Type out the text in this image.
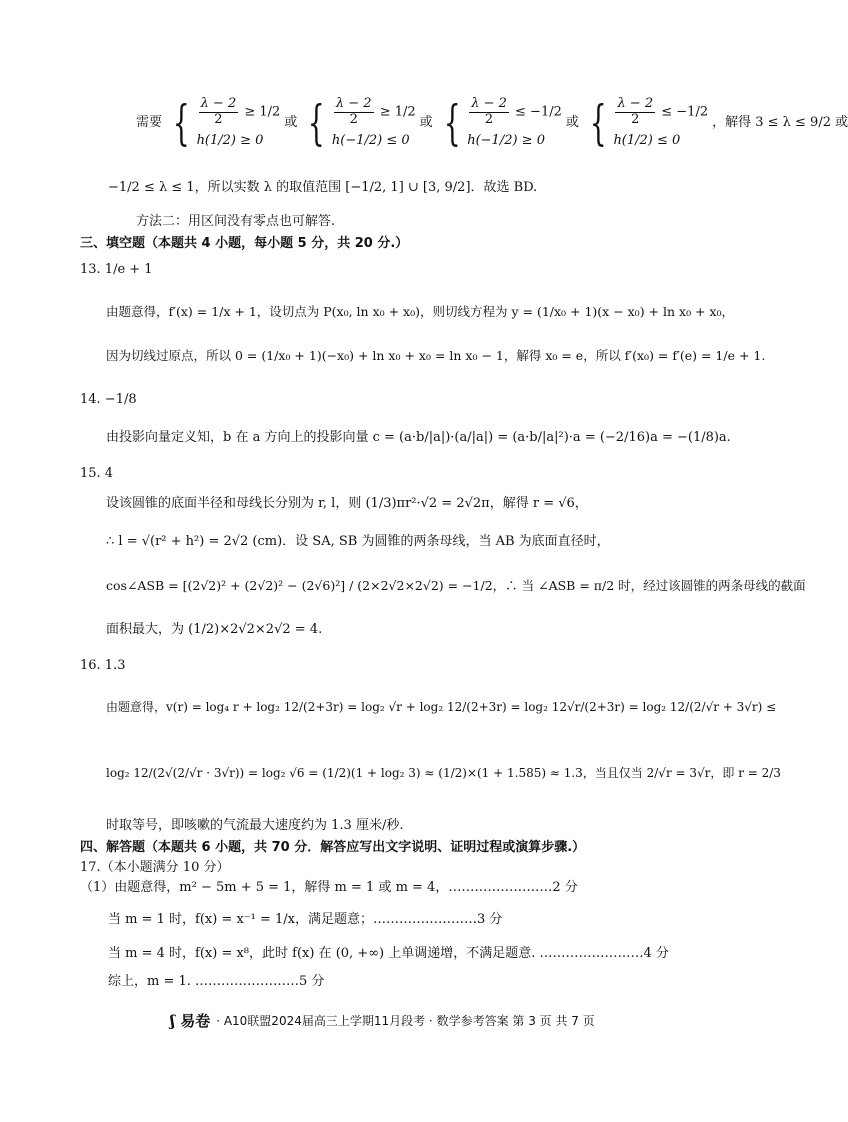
需要 { $\frac{\lambda - 2}{2} \ge 1/2$
h(1/2) ≥ 0
或 { $\frac{\lambda - 2}{2} \ge 1/2$
h(−1/2) ≤ 0
或 { $\frac{\lambda - 2}{2} \le -1/2$
h(−1/2) ≥ 0
或 { $\frac{\lambda - 2}{2} \le -1/2$
h(1/2) ≤ 0
，解得 3 ≤ λ ≤ 9/2 或
−1/2 ≤ λ ≤ 1，所以实数 λ 的取值范围 [−1/2, 1] ∪ [3, 9/2]．故选 BD.
方法二：用区间没有零点也可解答.
三、填空题（本题共 4 小题，每小题 5 分，共 20 分.）
13. 1/e + 1
由题意得，f′(x) = 1/x + 1，设切点为 P(x₀, ln x₀ + x₀)，则切线方程为 y = (1/x₀ + 1)(x − x₀) + ln x₀ + x₀，
因为切线过原点，所以 0 = (1/x₀ + 1)(−x₀) + ln x₀ + x₀ = ln x₀ − 1，解得 x₀ = e，所以 f′(x₀) = f′(e) = 1/e + 1.
14. −1/8
由投影向量定义知，b 在 a 方向上的投影向量 c = (a·b/|a|)·(a/|a|) = (a·b/|a|²)·a = (−2/16)a = −(1/8)a.
15. 4
设该圆锥的底面半径和母线长分别为 r, l，则 (1/3)πr²·√2 = 2√2π，解得 r = √6，
∴ l = √(r² + h²) = 2√2 (cm)．设 SA, SB 为圆锥的两条母线，当 AB 为底面直径时，
cos∠ASB = [(2√2)² + (2√2)² − (2√6)²] / (2×2√2×2√2) = −1/2，∴ 当 ∠ASB = π/2 时，经过该圆锥的两条母线的截面
面积最大，为 (1/2)×2√2×2√2 = 4.
16. 1.3
由题意得，v(r) = log₄ r + log₂ 12/(2+3r) = log₂ √r + log₂ 12/(2+3r) = log₂ 12√r/(2+3r) = log₂ 12/(2/√r + 3√r) ≤
log₂ 12/(2√(2/√r · 3√r)) = log₂ √6 = (1/2)(1 + log₂ 3) ≈ (1/2)×(1 + 1.585) ≈ 1.3，当且仅当 2/√r = 3√r，即 r = 2/3
时取等号，即咳嗽的气流最大速度约为 1.3 厘米/秒.
四、解答题（本题共 6 小题，共 70 分．解答应写出文字说明、证明过程或演算步骤.）
17.（本小题满分 10 分）
（1）由题意得，m² − 5m + 5 = 1，解得 m = 1 或 m = 4，……………………2 分
当 m = 1 时，f(x) = x⁻¹ = 1/x，满足题意；……………………3 分
当 m = 4 时，f(x) = x⁸，此时 f(x) 在 (0, +∞) 上单调递增，不满足题意. ……………………4 分
综上，m = 1. ……………………5 分
ʃ 易卷 · A10联盟2024届高三上学期11月段考 · 数学参考答案 第 3 页 共 7 页
